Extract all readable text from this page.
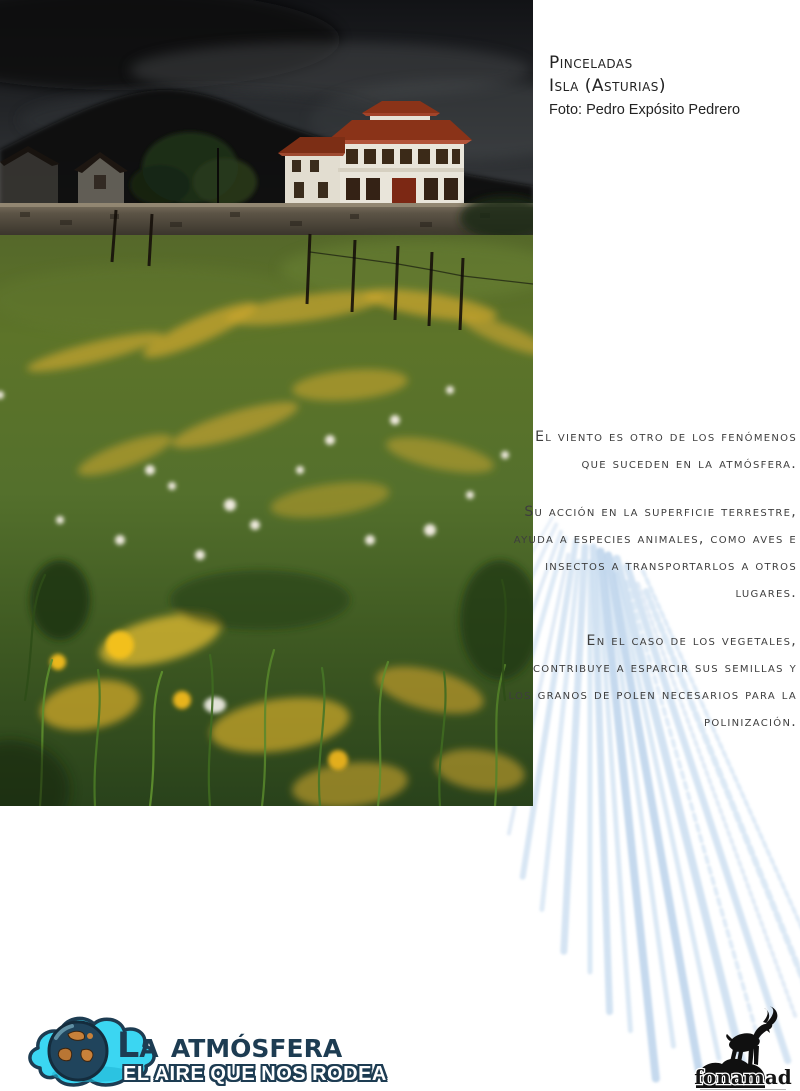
Pinceladas
Isla (Asturias)
Foto: Pedro Expósito Pedrero

El viento es otro de los fenómenos que suceden en la atmósfera.

Su acción en la superficie terrestre, ayuda a especies animales, como aves e insectos a transportarlos a otros lugares.

En el caso de los vegetales, contribuye a esparcir sus semillas y los granos de polen necesarios para la polinización.

La atmósfera
EL AIRE QUE NOS RODEA	fonamad
